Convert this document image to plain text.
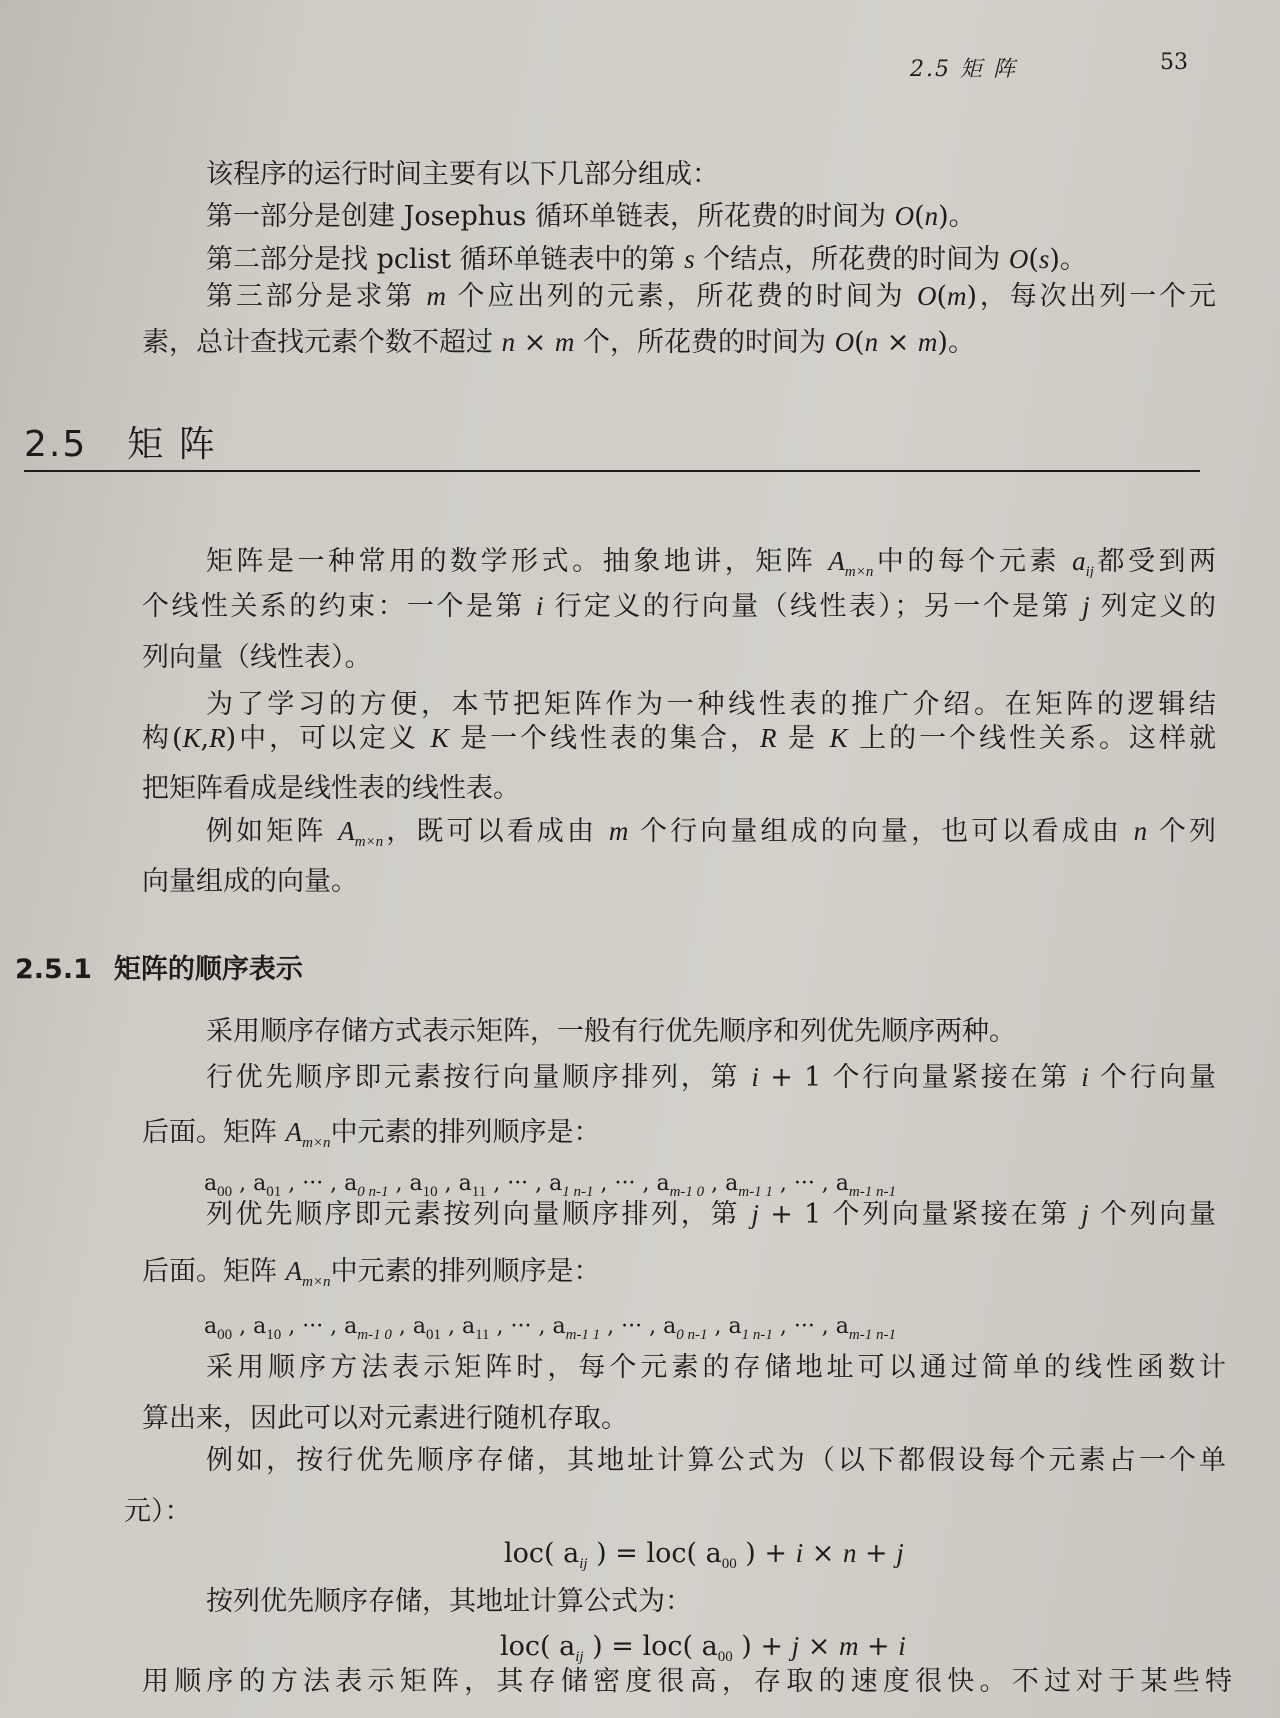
2.5 矩 阵	53
2.5 矩 阵
2.5.1 矩阵的顺序表示
该程序的运行时间主要有以下几部分组成：
第一部分是创建 Josephus 循环单链表，所花费的时间为 O(n)。
第二部分是找 pclist 循环单链表中的第 s 个结点，所花费的时间为 O(s)。
第三部分是求第 m 个应出列的元素，所花费的时间为 O(m)，每次出列一个元
素，总计查找元素个数不超过 n × m 个，所花费的时间为 O(n × m)。
矩阵是一种常用的数学形式。抽象地讲，矩阵 $A_{m\times n}$中的每个元素 $a_{ij}$都受到两
个线性关系的约束：一个是第 i 行定义的行向量（线性表）；另一个是第 j 列定义的
列向量（线性表）。
为了学习的方便，本节把矩阵作为一种线性表的推广介绍。在矩阵的逻辑结
构(K,R)中，可以定义 K 是一个线性表的集合，R 是 K 上的一个线性关系。这样就
把矩阵看成是线性表的线性表。
例如矩阵 $A_{m\times n}$，既可以看成由 m 个行向量组成的向量，也可以看成由 n 个列
向量组成的向量。
采用顺序存储方式表示矩阵，一般有行优先顺序和列优先顺序两种。
行优先顺序即元素按行向量顺序排列，第 i + 1 个行向量紧接在第 i 个行向量
后面。矩阵 $A_{m\times n}$中元素的排列顺序是：
$a_{00}$ , $a_{01}$ , ··· , $a_{0 n-1}$ , $a_{10}$ , $a_{11}$ , ··· , $a_{1 n-1}$ , ··· , $a_{m-1 0}$ , $a_{m-1 1}$ , ··· , $a_{m-1 n-1}$
列优先顺序即元素按列向量顺序排列，第 j + 1 个列向量紧接在第 j 个列向量
后面。矩阵 $A_{m\times n}$中元素的排列顺序是：
$a_{00}$ , $a_{10}$ , ··· , $a_{m-1 0}$ , $a_{01}$ , $a_{11}$ , ··· , $a_{m-1 1}$ , ··· , $a_{0 n-1}$ , $a_{1 n-1}$ , ··· , $a_{m-1 n-1}$
采用顺序方法表示矩阵时，每个元素的存储地址可以通过简单的线性函数计
算出来，因此可以对元素进行随机存取。
例如，按行优先顺序存储，其地址计算公式为（以下都假设每个元素占一个单
元）：
loc( $a_{ij}$ ) = loc( $a_{00}$ ) + i × n + j
按列优先顺序存储，其地址计算公式为：
loc( $a_{ij}$ ) = loc( $a_{00}$ ) + j × m + i
用顺序的方法表示矩阵，其存储密度很高，存取的速度很快。不过对于某些特
